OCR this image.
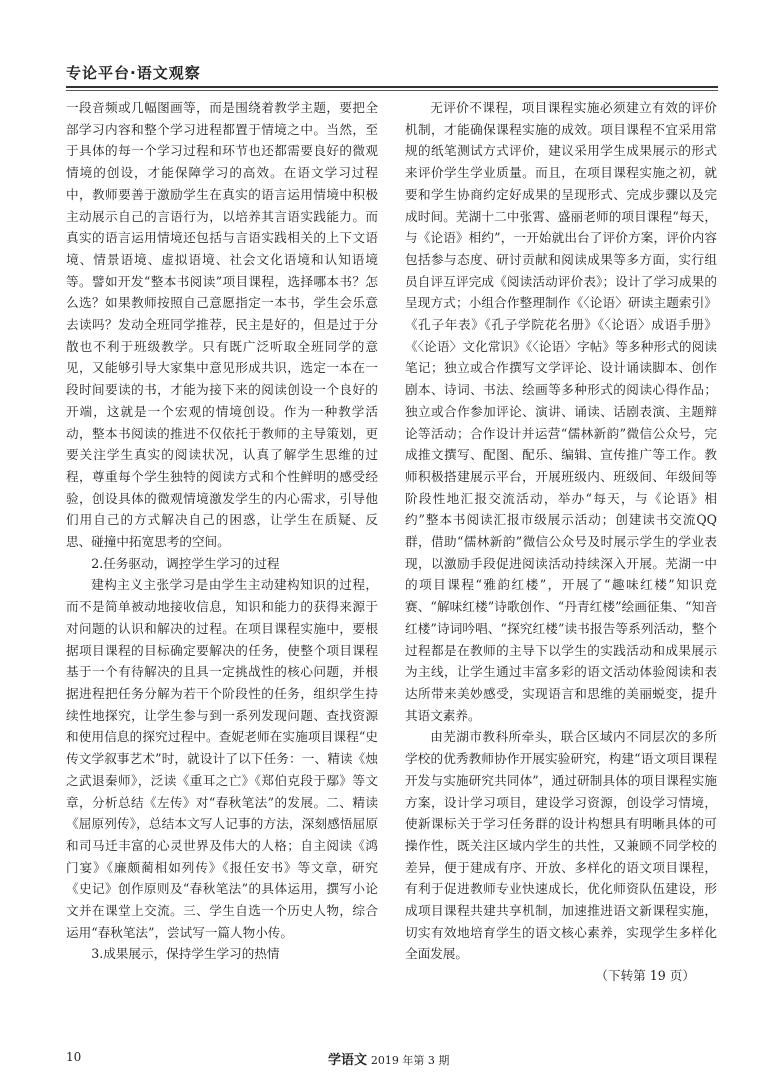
专论平台·语文观察

一段音频或几幅图画等，而是围绕着教学主题，要把全部学习内容和整个学习进程都置于情境之中。当然，至于具体的每一个学习过程和环节也还都需要良好的微观情境的创设，才能保障学习的高效。在语文学习过程中，教师要善于激励学生在真实的语言运用情境中积极主动展示自己的言语行为，以培养其言语实践能力。而真实的语言运用情境还包括与言语实践相关的上下文语境、情景语境、虚拟语境、社会文化语境和认知语境等。譬如开发“整本书阅读”项目课程，选择哪本书？怎么选？如果教师按照自己意愿指定一本书，学生会乐意去读吗？发动全班同学推荐，民主是好的，但是过于分散也不利于班级教学。只有既广泛听取全班同学的意见，又能够引导大家集中意见形成共识，选定一本在一段时间要读的书，才能为接下来的阅读创设一个良好的开端，这就是一个宏观的情境创设。作为一种教学活动，整本书阅读的推进不仅依托于教师的主导策划，更要关注学生真实的阅读状况，认真了解学生思维的过程，尊重每个学生独特的阅读方式和个性鲜明的感受经验，创设具体的微观情境激发学生的内心需求，引导他们用自己的方式解决自己的困惑，让学生在质疑、反思、碰撞中拓宽思考的空间。

2.任务驱动，调控学生学习的过程

建构主义主张学习是由学生主动建构知识的过程，而不是简单被动地接收信息，知识和能力的获得来源于对问题的认识和解决的过程。在项目课程实施中，要根据项目课程的目标确定要解决的任务，使整个项目课程基于一个有待解决的且具一定挑战性的核心问题，并根据进程把任务分解为若干个阶段性的任务，组织学生持续性地探究，让学生参与到一系列发现问题、查找资源和使用信息的探究过程中。查妮老师在实施项目课程“史传文学叙事艺术”时，就设计了以下任务：一、精读《烛之武退秦师》，泛读《重耳之亡》《郑伯克段于鄢》等文章，分析总结《左传》对“春秋笔法”的发展。二、精读《屈原列传》，总结本文写人记事的方法，深刻感悟屈原和司马迁丰富的心灵世界及伟大的人格；自主阅读《鸿门宴》《廉颇蔺相如列传》《报任安书》等文章，研究《史记》创作原则及“春秋笔法”的具体运用，撰写小论文并在课堂上交流。三、学生自选一个历史人物，综合运用“春秋笔法”，尝试写一篇人物小传。

3.成果展示，保持学生学习的热情

无评价不课程，项目课程实施必须建立有效的评价机制，才能确保课程实施的成效。项目课程不宜采用常规的纸笔测试方式评价，建议采用学生成果展示的形式来评价学生学业质量。而且，在项目课程实施之初，就要和学生协商约定好成果的呈现形式、完成步骤以及完成时间。芜湖十二中张霄、盛丽老师的项目课程“每天，与《论语》相约”，一开始就出台了评价方案，评价内容包括参与态度、研讨贡献和阅读成果等多方面，实行组员自评互评完成《阅读活动评价表》；设计了学习成果的呈现方式；小组合作整理制作《〈论语〉研读主题索引》《孔子年表》《孔子学院花名册》《〈论语〉成语手册》《〈论语〉文化常识》《〈论语〉字帖》等多种形式的阅读笔记；独立或合作撰写文学评论、设计诵读脚本、创作剧本、诗词、书法、绘画等多种形式的阅读心得作品；独立或合作参加评论、演讲、诵读、话剧表演、主题辩论等活动；合作设计并运营“儒林新韵”微信公众号，完成推文撰写、配图、配乐、编辑、宣传推广等工作。教师积极搭建展示平台，开展班级内、班级间、年级间等阶段性地汇报交流活动，举办“每天，与《论语》相约”整本书阅读汇报市级展示活动；创建读书交流QQ群，借助“儒林新韵”微信公众号及时展示学生的学业表现，以激励手段促进阅读活动持续深入开展。芜湖一中的项目课程“雅韵红楼”，开展了“趣味红楼”知识竞赛、“解味红楼”诗歌创作、“丹青红楼”绘画征集、“知音红楼”诗词吟唱、“探究红楼”读书报告等系列活动，整个过程都是在教师的主导下以学生的实践活动和成果展示为主线，让学生通过丰富多彩的语文活动体验阅读和表达所带来美妙感受，实现语言和思维的美丽蜕变，提升其语文素养。

由芜湖市教科所牵头，联合区域内不同层次的多所学校的优秀教师协作开展实验研究，构建“语文项目课程开发与实施研究共同体”，通过研制具体的项目课程实施方案，设计学习项目，建设学习资源，创设学习情境，使新课标关于学习任务群的设计构想具有明晰具体的可操作性，既关注区域内学生的共性，又兼顾不同学校的差异，便于建成有序、开放、多样化的语文项目课程，有利于促进教师专业快速成长，优化师资队伍建设，形成项目课程共建共享机制，加速推进语文新课程实施，切实有效地培育学生的语文核心素养，实现学生多样化全面发展。

（下转第 19 页）

10	学语文 2019 年第 3 期
